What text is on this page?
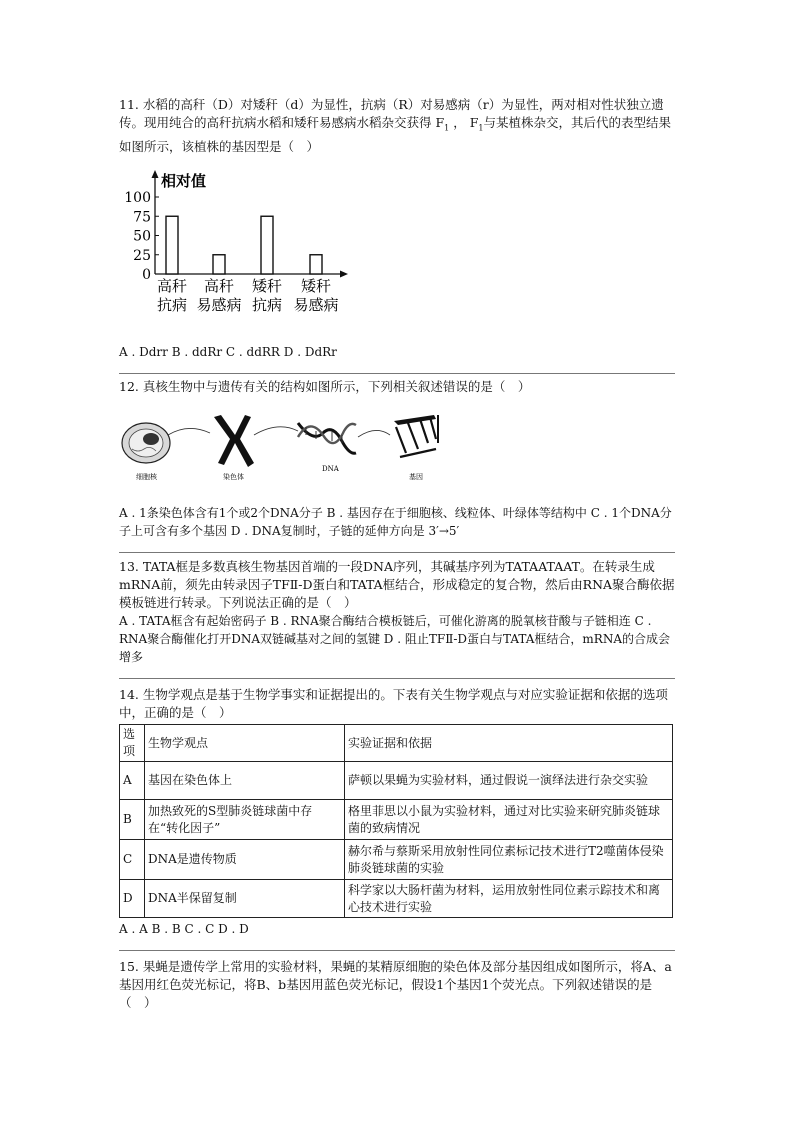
11. 水稻的高秆（D）对矮秆（d）为显性，抗病（R）对易感病（r）为显性，两对相对性状独立遗传。现用纯合的高秆抗病水稻和矮秆易感病水稻杂交获得 $F_1$ ， $F_1$与某植株杂交，其后代的表型结果如图所示，该植株的基因型是（　）

相对值
100
75
50
25
0
高秆
抗病
高秆
易感病
矮秆
抗病
矮秆
易感病
A . Ddrr B . ddRr C . ddRR D . DdRr

12. 真核生物中与遗传有关的结构如图所示，下列相关叙述错误的是（　）

细胞核	染色体
DNA
基因
A . 1条染色体含有1个或2个DNA分子 B . 基因存在于细胞核、线粒体、叶绿体等结构中 C . 1个DNA分子上可含有多个基因 D . DNA复制时，子链的延伸方向是 3′→5′

13. TATA框是多数真核生物基因首端的一段DNA序列，其碱基序列为TATAATAAT。在转录生成mRNA前，须先由转录因子TFⅡ-D蛋白和TATA框结合，形成稳定的复合物，然后由RNA聚合酶依据模板链进行转录。下列说法正确的是（　）

A . TATA框含有起始密码子 B . RNA聚合酶结合模板链后，可催化游离的脱氧核苷酸与子链相连 C . RNA聚合酶催化打开DNA双链碱基对之间的氢键 D . 阻止TFⅡ-D蛋白与TATA框结合，mRNA的合成会增多

14. 生物学观点是基于生物学事实和证据提出的。下表有关生物学观点与对应实验证据和依据的选项中，正确的是（　）

选项	生物学观点	实验证据和依据
A	基因在染色体上	萨顿以果蝇为实验材料，通过假说一演绎法进行杂交实验
B	加热致死的S型肺炎链球菌中存在“转化因子”	格里菲思以小鼠为实验材料，通过对比实验来研究肺炎链球菌的致病情况
C	DNA是遗传物质	赫尔希与蔡斯采用放射性同位素标记技术进行T2噬菌体侵染肺炎链球菌的实验
D	DNA半保留复制	科学家以大肠杆菌为材料，运用放射性同位素示踪技术和离心技术进行实验
A . A B . B C . C D . D

15. 果蝇是遗传学上常用的实验材料，果蝇的某精原细胞的染色体及部分基因组成如图所示，将A、a基因用红色荧光标记，将B、b基因用蓝色荧光标记，假设1个基因1个荧光点。下列叙述错误的是（　）
